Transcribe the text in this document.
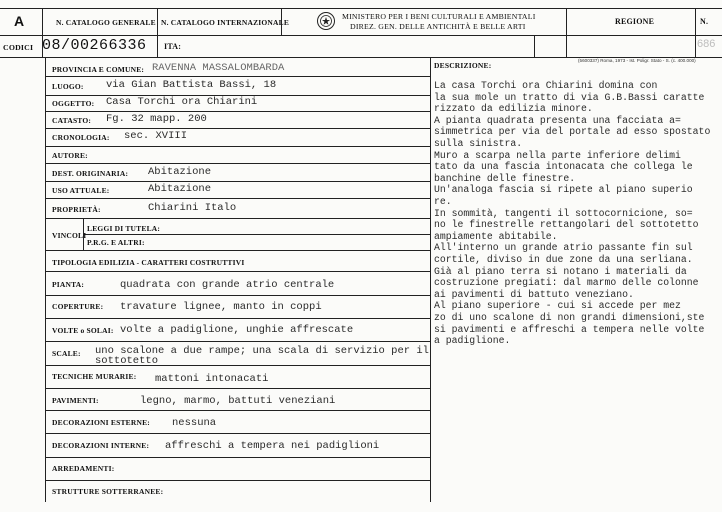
A	N. CATALOGO GENERALE N. CATALOGO INTERNAZIONALE
MINISTERO PER I BENI CULTURALI E AMBIENTALI
DIREZ. GEN. DELLE ANTICHITÀ E BELLE ARTI
REGIONE	N.
CODICI 08/00266336 ITA:	686
(5600337) Roma, 1973 - Ist. Poligr. Stato - S. (c. 400.000)
PROVINCIA E COMUNE: RAVENNA MASSALOMBARDA
LUOGO: via Gian Battista Bassi, 18
OGGETTO: Casa Torchi ora Chiarini
CATASTO: Fg. 32 mapp. 200
CRONOLOGIA: sec. XVIII
AUTORE:
DEST. ORIGINARIA: Abitazione
USO ATTUALE:	Abitazione
PROPRIETÀ:	Chiarini Italo
VINCOLI
LEGGI DI TUTELA:
P.R.G. E ALTRI:
TIPOLOGIA EDILIZIA - CARATTERI COSTRUTTIVI
PIANTA:	quadrata con grande atrio centrale
COPERTURE: travature lignee, manto in coppi
VOLTE o SOLAI: volte a padiglione, unghie affrescate
SCALE: uno scalone a due rampe; una scala di servizio per il
sottotetto
TECNICHE MURARIE: mattoni intonacati
PAVIMENTI:	legno, marmo, battuti veneziani
DECORAZIONI ESTERNE: nessuna
DECORAZIONI INTERNE: affreschi a tempera nei padiglioni
ARREDAMENTI:
STRUTTURE SOTTERRANEE:
DESCRIZIONE:
La casa Torchi ora Chiarini domina con
la sua mole un tratto di via G.B.Bassi caratte
rizzato da edilizia minore.
A pianta quadrata presenta una facciata a=
simmetrica per via del portale ad esso spostato
sulla sinistra.
Muro a scarpa nella parte inferiore delimi
tato da una fascia intonacata che collega le
banchine delle finestre.
Un'analoga fascia si ripete al piano superio
re.
In sommità, tangenti il sottocornicione, so=
no le finestrelle rettangolari del sottotetto
ampiamente abitabile.
All'interno un grande atrio passante fin sul
cortile, diviso in due zone da una serliana.
Già al piano terra si notano i materiali da
costruzione pregiati: dal marmo delle colonne
ai pavimenti di battuto veneziano.
Al piano superiore - cui si accede per mez
zo di uno scalone di non grandi dimensioni,ste
si pavimenti e affreschi a tempera nelle volte
a padiglione.
